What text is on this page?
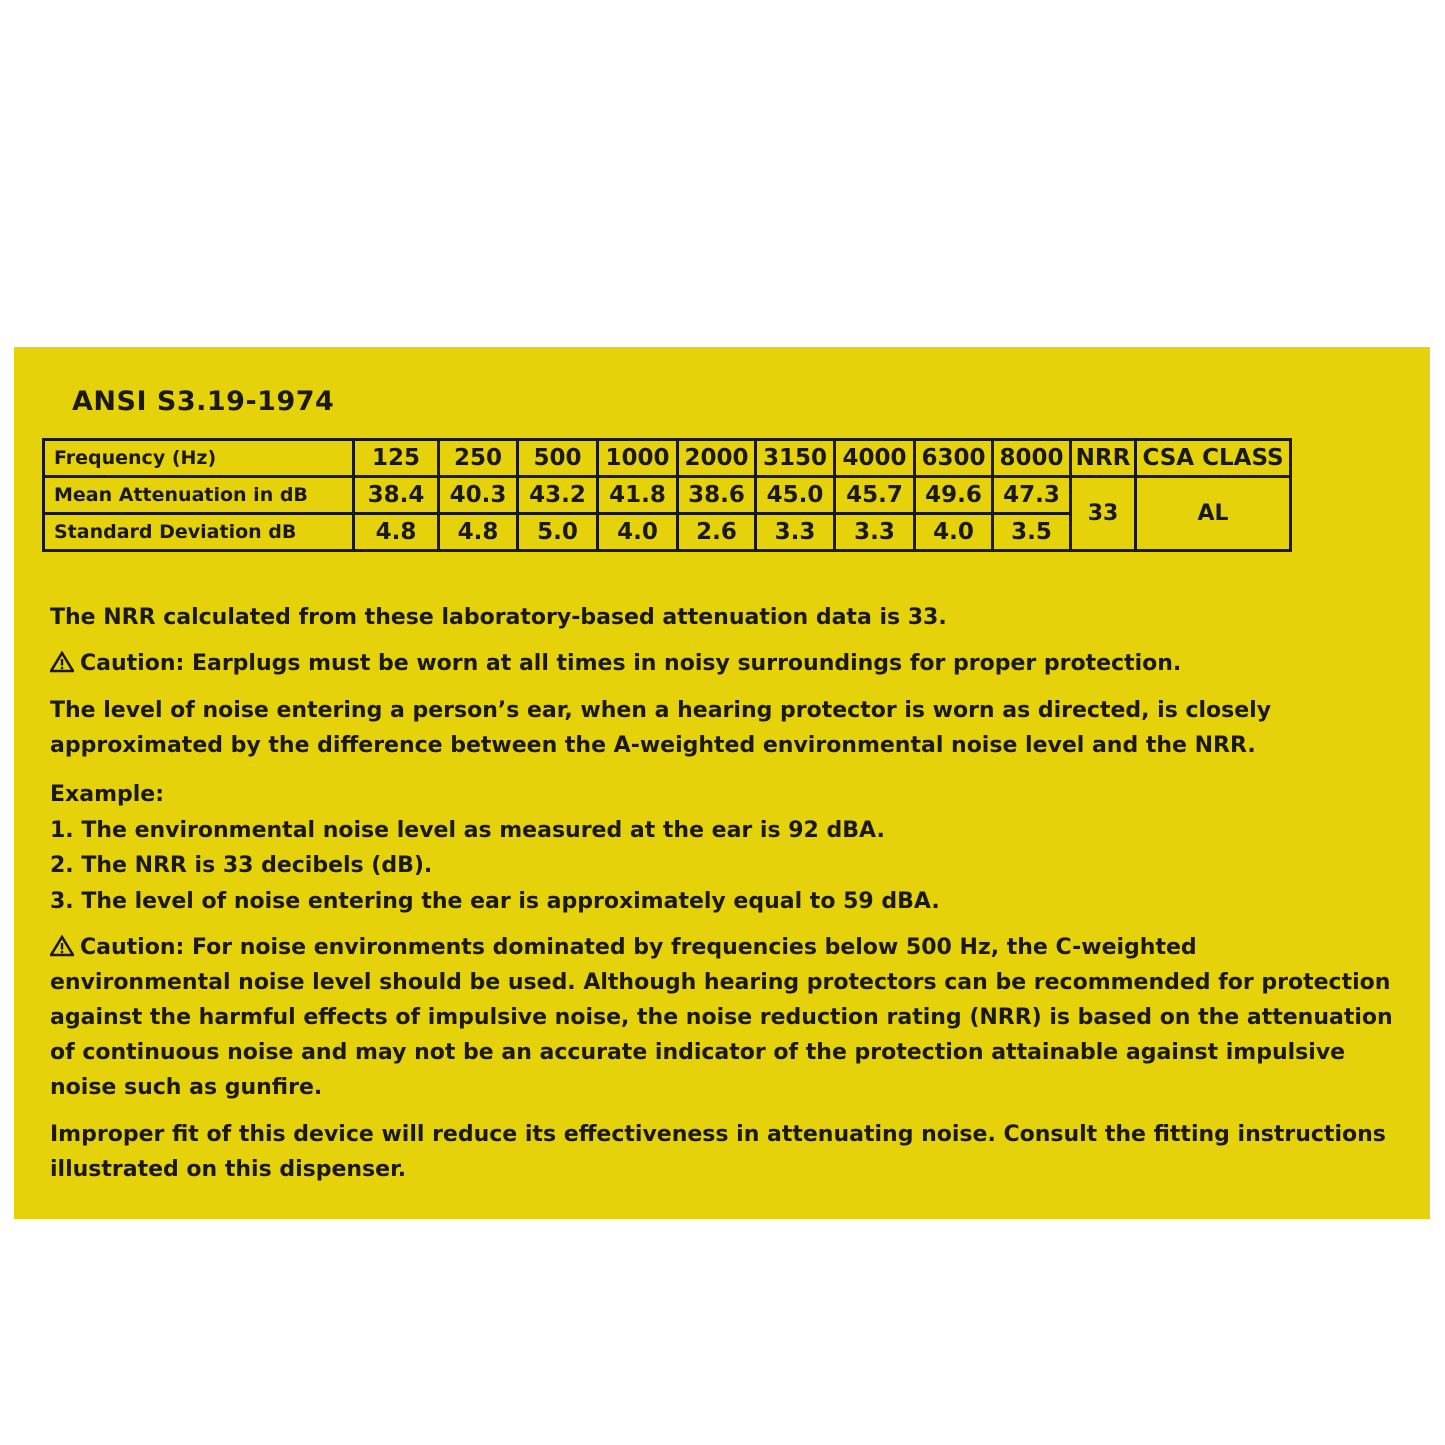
ANSI S3.19-1974
Frequency (Hz)	125	250	500	1000	2000	3150	4000	6300	8000	NRR	CSA CLASS
Mean Attenuation in dB	38.4	40.3	43.2	41.8	38.6	45.0	45.7	49.6	47.3	33	AL
Standard Deviation dB	4.8	4.8	5.0	4.0	2.6	3.3	3.3	4.0	3.5		
The NRR calculated from these laboratory-based attenuation data is 33.
Caution: Earplugs must be worn at all times in noisy surroundings for proper protection.
The level of noise entering a person’s ear, when a hearing protector is worn as directed, is closely
approximated by the difference between the A-weighted environmental noise level and the NRR.
Example:
1. The environmental noise level as measured at the ear is 92 dBA.
2. The NRR is 33 decibels (dB).
3. The level of noise entering the ear is approximately equal to 59 dBA.
Caution: For noise environments dominated by frequencies below 500 Hz, the C-weighted
environmental noise level should be used. Although hearing protectors can be recommended for protection
against the harmful effects of impulsive noise, the noise reduction rating (NRR) is based on the attenuation
of continuous noise and may not be an accurate indicator of the protection attainable against impulsive
noise such as gunfire.
Improper fit of this device will reduce its effectiveness in attenuating noise. Consult the fitting instructions
illustrated on this dispenser.
